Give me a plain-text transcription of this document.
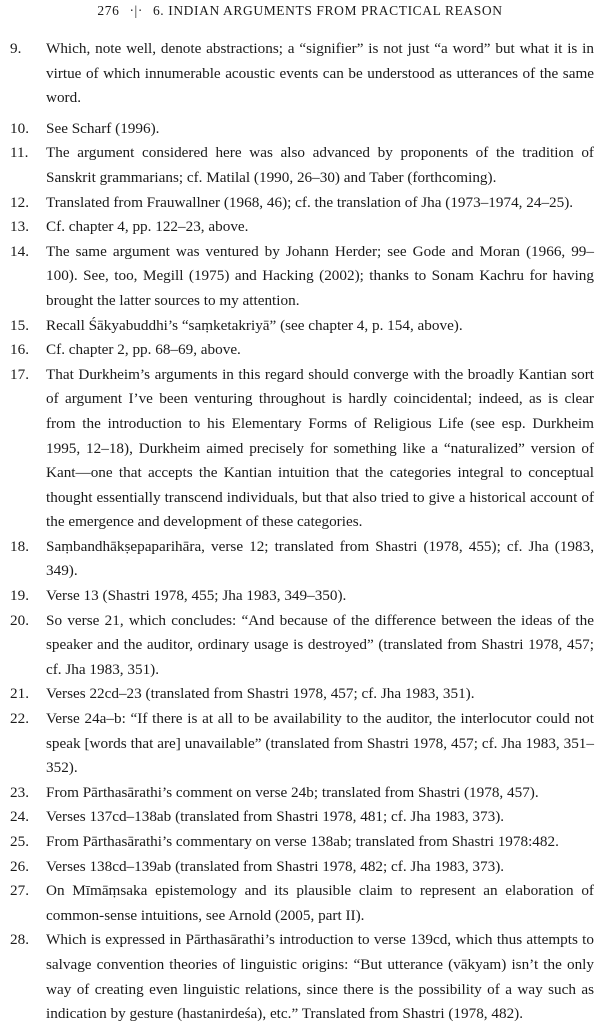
276 ·|· 6. INDIAN ARGUMENTS FROM PRACTICAL REASON
9.	Which, note well, denote abstractions; a “signifier” is not just “a word” but what it is in virtue of which innumerable acoustic events can be understood as utterances of the same word.
10.	See Scharf (1996).
11.	The argument considered here was also advanced by proponents of the tradition of Sanskrit grammarians; cf. Matilal (1990, 26–30) and Taber (forthcoming).
12.	Translated from Frauwallner (1968, 46); cf. the translation of Jha (1973–1974, 24–25).
13.	Cf. chapter 4, pp. 122–23, above.
14.	The same argument was ventured by Johann Herder; see Gode and Moran (1966, 99–100). See, too, Megill (1975) and Hacking (2002); thanks to Sonam Kachru for having brought the latter sources to my attention.
15.	Recall Śākyabuddhi’s “saṃketakriyā” (see chapter 4, p. 154, above).
16.	Cf. chapter 2, pp. 68–69, above.
17.	That Durkheim’s arguments in this regard should converge with the broadly Kantian sort of argument I’ve been venturing throughout is hardly coincidental; indeed, as is clear from the introduction to his Elementary Forms of Religious Life (see esp. Durkheim 1995, 12–18), Durkheim aimed precisely for something like a “naturalized” version of Kant—one that accepts the Kantian intuition that the categories integral to conceptual thought essentially transcend individuals, but that also tried to give a historical account of the emergence and development of these categories.
18.	Saṃbandhākṣepaparihāra, verse 12; translated from Shastri (1978, 455); cf. Jha (1983, 349).
19.	Verse 13 (Shastri 1978, 455; Jha 1983, 349–350).
20.	So verse 21, which concludes: “And because of the difference between the ideas of the speaker and the auditor, ordinary usage is destroyed” (translated from Shastri 1978, 457; cf. Jha 1983, 351).
21.	Verses 22cd–23 (translated from Shastri 1978, 457; cf. Jha 1983, 351).
22.	Verse 24a–b: “If there is at all to be availability to the auditor, the interlocutor could not speak [words that are] unavailable” (translated from Shastri 1978, 457; cf. Jha 1983, 351–352).
23.	From Pārthasārathi’s comment on verse 24b; translated from Shastri (1978, 457).
24.	Verses 137cd–138ab (translated from Shastri 1978, 481; cf. Jha 1983, 373).
25.	From Pārthasārathi’s commentary on verse 138ab; translated from Shastri 1978:482.
26.	Verses 138cd–139ab (translated from Shastri 1978, 482; cf. Jha 1983, 373).
27.	On Mīmāṃsaka epistemology and its plausible claim to represent an elaboration of common-sense intuitions, see Arnold (2005, part II).
28.	Which is expressed in Pārthasārathi’s introduction to verse 139cd, which thus attempts to salvage convention theories of linguistic origins: “But utterance (vākyam) isn’t the only way of creating even linguistic relations, since there is the possibility of a way such as indication by gesture (hastanirdeśa), etc.” Translated from Shastri (1978, 482).
